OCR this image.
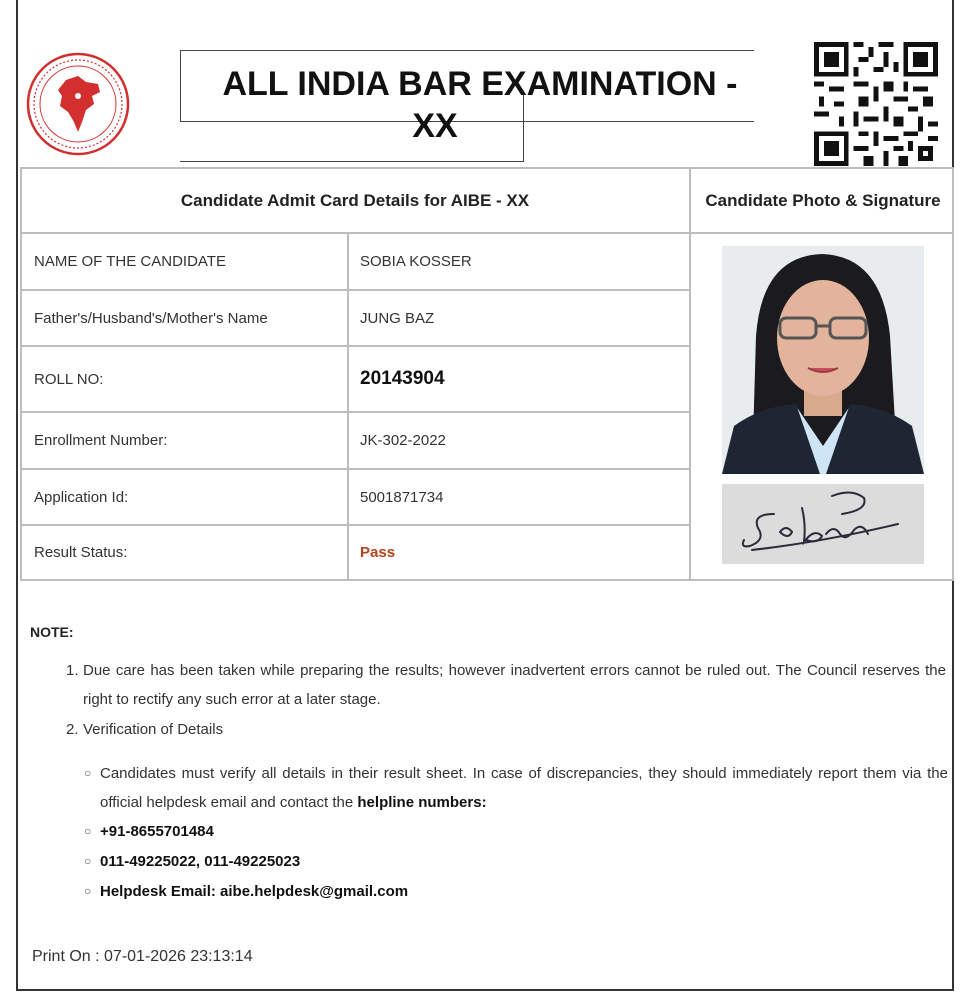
ALL INDIA BAR EXAMINATION -
XX
Candidate Admit Card Details for AIBE - XX	Candidate Photo & Signature
NAME OF THE CANDIDATE	SOBIA KOSSER
Father's/Husband's/Mother's Name	JUNG BAZ
ROLL NO:	20143904
Enrollment Number:	JK-302-2022
Application Id:	5001871734
Result Status:	Pass
NOTE:
1. Due care has been taken while preparing the results; however inadvertent errors cannot be ruled out. The Council reserves the right to rectify any such error at a later stage.
2. Verification of Details
○ Candidates must verify all details in their result sheet. In case of discrepancies, they should immediately report them via the official helpdesk email and contact the helpline numbers:
○ +91-8655701484
○ 011-49225022, 011-49225023
○ Helpdesk Email: aibe.helpdesk@gmail.com
Print On : 07-01-2026 23:13:14
